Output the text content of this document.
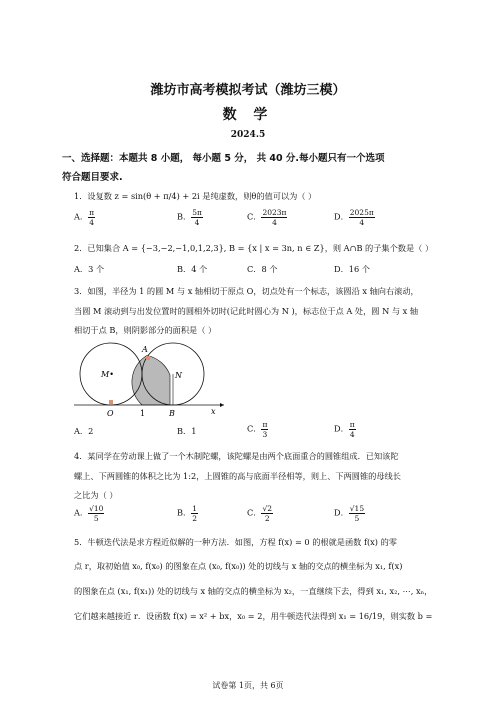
潍坊市高考模拟考试（潍坊三模）
数 学
2024.5
一、选择题：本题共 8 小题， 每小题 5 分， 共 40 分.每小题只有一个选项
符合题目要求.
1．设复数 z = sin(θ + π/4) + 2i 是纯虚数，则θ的值可以为（ ）
A． $\frac{\pi}{4}$	B． $\frac{5\pi}{4}$	C． $\frac{2023\pi}{4}$	D． $\frac{2025\pi}{4}$
2．已知集合 A = {−3,−2,−1,0,1,2,3}, B = {x | x = 3n, n ∈ Z}，则 A∩B 的子集个数是（ ）
A．3 个	B．4 个	C．8 个	D．16 个
3．如图，半径为 1 的圆 M 与 x 轴相切于原点 O，切点处有一个标志，该圆沿 x 轴向右滚动，
当圆 M 滚动到与出发位置时的圆相外切时(记此时圆心为 N )，标志位于点 A 处，圆 N 与 x 轴
相切于点 B，则阴影部分的面积是（ ）
A
M•	N
O	1	B	x
A．2	B．1	C． $\frac{\pi}{3}$	D． $\frac{\pi}{4}$
4．某同学在劳动课上做了一个木制陀螺，该陀螺是由两个底面重合的圆锥组成．已知该陀
螺上、下两圆锥的体积之比为 1:2，上圆锥的高与底面半径相等，则上、下两圆锥的母线长
之比为（ ）
A． $\frac{√10}{5}$	B． $\frac{1}{2}$	C． $\frac{√2}{2}$	D． $\frac{√15}{5}$
5．牛顿迭代法是求方程近似解的一种方法．如图，方程 f(x) = 0 的根就是函数 f(x) 的零
点 r，取初始值 x₀, f(x₀) 的图象在点 (x₀, f(x₀)) 处的切线与 x 轴的交点的横坐标为 x₁, f(x)
的图象在点 (x₁, f(x₁)) 处的切线与 x 轴的交点的横坐标为 x₂，一直继续下去，得到 x₁, x₂, ⋯, xₙ，
它们越来越接近 r．设函数 f(x) = x² + bx，x₀ = 2，用牛顿迭代法得到 x₁ = 16/19，则实数 b =
试卷第 1页，共 6页
